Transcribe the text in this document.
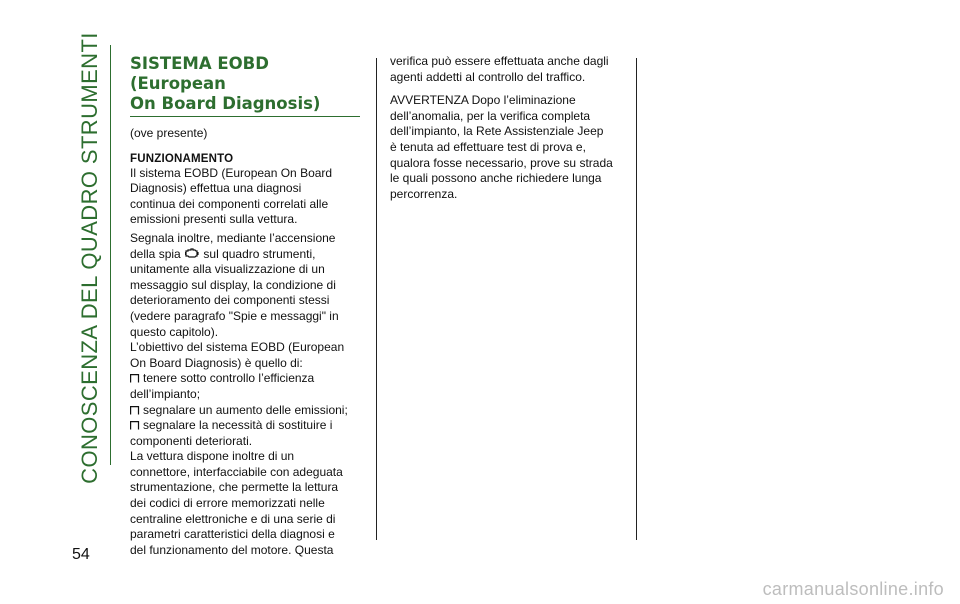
CONOSCENZA DEL QUADRO STRUMENTI
54
SISTEMA EOBD (European
On Board Diagnosis)

(ove presente)

FUNZIONAMENTO

Il sistema EOBD (European On Board

Diagnosis) effettua una diagnosi

continua dei componenti correlati alle

emissioni presenti sulla vettura.

Segnala inoltre, mediante l’accensione

della spia sul quadro strumenti,

unitamente alla visualizzazione di un

messaggio sul display, la condizione di

deterioramento dei componenti stessi

(vedere paragrafo "Spie e messaggi" in

questo capitolo).

L’obiettivo del sistema EOBD (European

On Board Diagnosis) è quello di:

tenere sotto controllo l’efficienza

dell’impianto;

segnalare un aumento delle emissioni;

segnalare la necessità di sostituire i

componenti deteriorati.

La vettura dispone inoltre di un

connettore, interfacciabile con adeguata

strumentazione, che permette la lettura

dei codici di errore memorizzati nelle

centraline elettroniche e di una serie di

parametri caratteristici della diagnosi e

del funzionamento del motore. Questa

verifica può essere effettuata anche dagli

agenti addetti al controllo del traffico.

AVVERTENZA Dopo l’eliminazione

dell’anomalia, per la verifica completa

dell’impianto, la Rete Assistenziale Jeep

è tenuta ad effettuare test di prova e,

qualora fosse necessario, prove su strada

le quali possono anche richiedere lunga

percorrenza.

carmanualsonline.info
